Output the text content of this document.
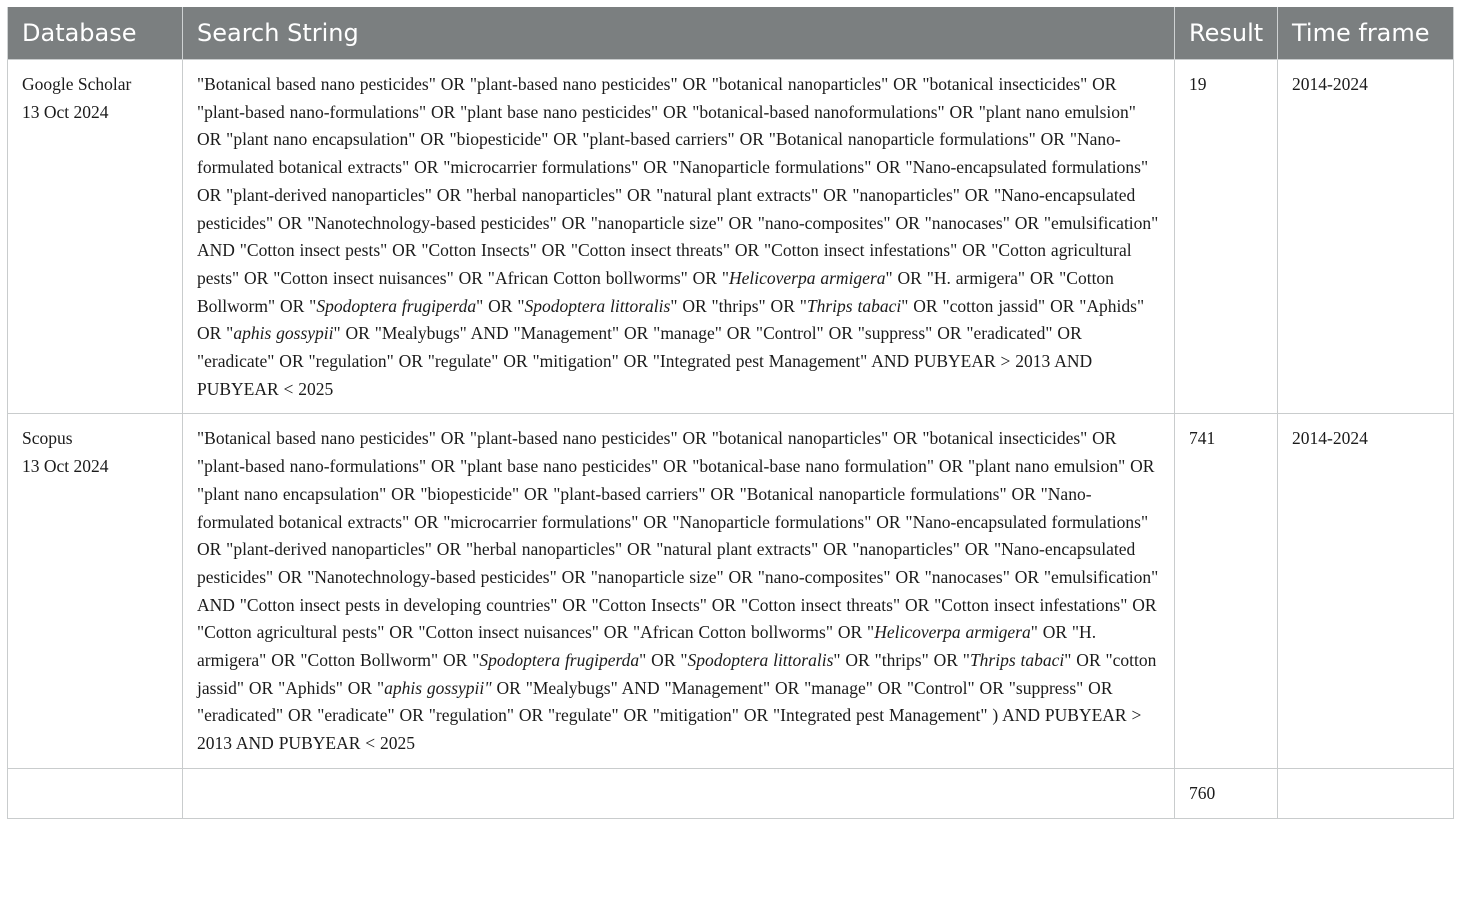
Database	Search String	Result	Time frame

Google Scholar
13 Oct 2024	"Botanical based nano pesticides" OR "plant-based nano pesticides" OR "botanical nanoparticles" OR "botanical insecticides" OR "plant-based nano-formulations" OR "plant base nano pesticides" OR "botanical-based nanoformulations" OR "plant nano emulsion" OR "plant nano encapsulation" OR "biopesticide" OR "plant-based carriers" OR "Botanical nanoparticle formulations" OR "Nano-formulated botanical extracts" OR "microcarrier formulations" OR "Nanoparticle formulations" OR "Nano-encapsulated formulations" OR "plant-derived nanoparticles" OR "herbal nanoparticles" OR "natural plant extracts" OR "nanoparticles" OR "Nano-encapsulated pesticides" OR "Nanotechnology-based pesticides" OR "nanoparticle size" OR "nano-composites" OR "nanocases" OR "emulsification" AND "Cotton insect pests" OR "Cotton Insects" OR "Cotton insect threats" OR "Cotton insect infestations" OR "Cotton agricultural pests" OR "Cotton insect nuisances" OR "African Cotton bollworms" OR "Helicoverpa armigera" OR "H. armigera" OR "Cotton Bollworm" OR "Spodoptera frugiperda" OR "Spodoptera littoralis" OR "thrips" OR "Thrips tabaci" OR "cotton jassid" OR "Aphids" OR "aphis gossypii" OR "Mealybugs" AND "Management" OR "manage" OR "Control" OR "suppress" OR "eradicated" OR "eradicate" OR "regulation" OR "regulate" OR "mitigation" OR "Integrated pest Management" AND PUBYEAR > 2013 AND PUBYEAR < 2025	19	2014-2024

Scopus
13 Oct 2024	"Botanical based nano pesticides" OR "plant-based nano pesticides" OR "botanical nanoparticles" OR "botanical insecticides" OR "plant-based nano-formulations" OR "plant base nano pesticides" OR "botanical-base nano formulation" OR "plant nano emulsion" OR "plant nano encapsulation" OR "biopesticide" OR "plant-based carriers" OR "Botanical nanoparticle formulations" OR "Nano-formulated botanical extracts" OR "microcarrier formulations" OR "Nanoparticle formulations" OR "Nano-encapsulated formulations" OR "plant-derived nanoparticles" OR "herbal nanoparticles" OR "natural plant extracts" OR "nanoparticles" OR "Nano-encapsulated pesticides" OR "Nanotechnology-based pesticides" OR "nanoparticle size" OR "nano-composites" OR "nanocases" OR "emulsification" AND "Cotton insect pests in developing countries" OR "Cotton Insects" OR "Cotton insect threats" OR "Cotton insect infestations" OR "Cotton agricultural pests" OR "Cotton insect nuisances" OR "African Cotton bollworms" OR "Helicoverpa armigera" OR "H. armigera" OR "Cotton Bollworm" OR "Spodoptera frugiperda" OR "Spodoptera littoralis" OR "thrips" OR "Thrips tabaci" OR "cotton jassid" OR "Aphids" OR "aphis gossypii" OR "Mealybugs" AND "Management" OR "manage" OR "Control" OR "suppress" OR "eradicated" OR "eradicate" OR "regulation" OR "regulate" OR "mitigation" OR "Integrated pest Management" ) AND PUBYEAR > 2013 AND PUBYEAR < 2025	741	2014-2024
		760	
